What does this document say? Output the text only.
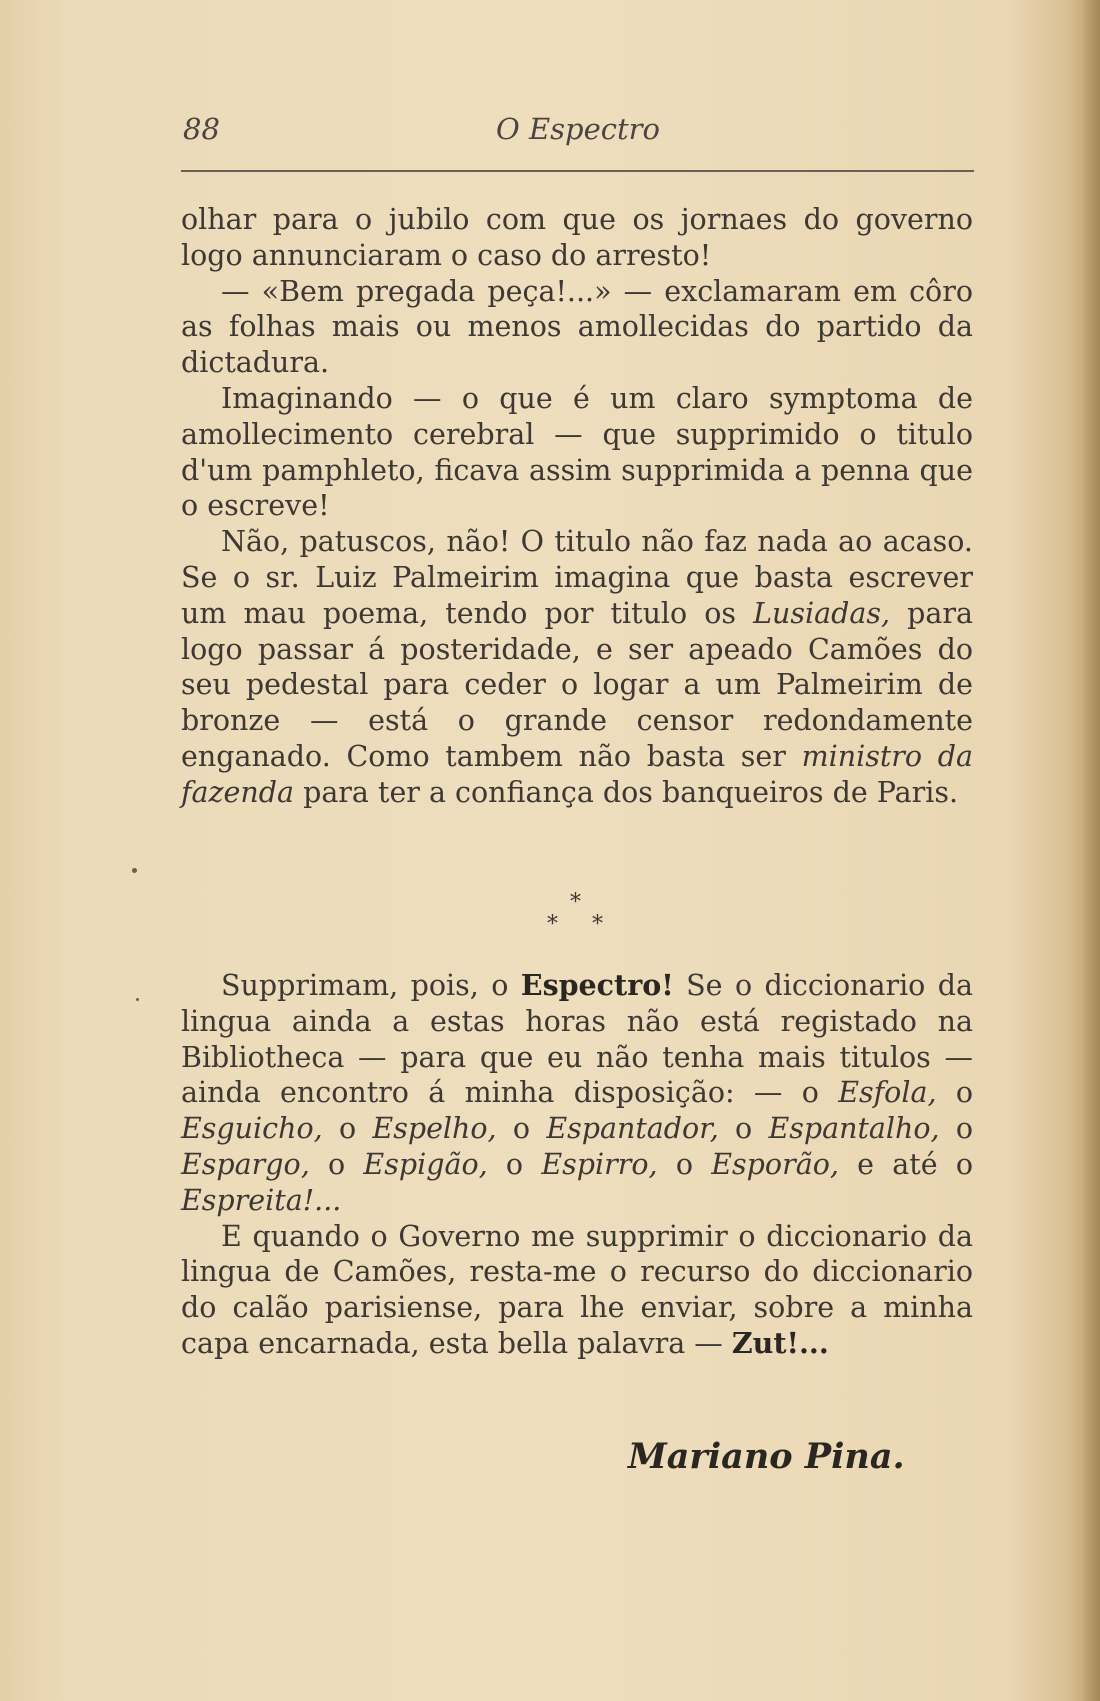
88	O Espectro

olhar para o jubilo com que os jornaes do governo logo annunciaram o caso do arresto!

— «Bem pregada peça!...» — exclamaram em côro as folhas mais ou menos amollecidas do partido da dictadura.

Imaginando — o que é um claro symptoma de amollecimento cerebral — que supprimido o titulo d'um pamphleto, ficava assim supprimida a penna que o escreve!

Não, patuscos, não! O titulo não faz nada ao acaso. Se o sr. Luiz Palmeirim imagina que basta escrever um mau poema, tendo por titulo os Lusiadas, para logo passar á posteridade, e ser apeado Camões do seu pedestal para ceder o logar a um Palmeirim de bronze — está o grande censor redondamente enganado. Como tambem não basta ser ministro da fazenda para ter a confiança dos banqueiros de Paris.

*
* *

Supprimam, pois, o Espectro! Se o diccionario da lingua ainda a estas horas não está registado na Bibliotheca — para que eu não tenha mais titulos — ainda encontro á minha disposição: — o Esfola, o Esguicho, o Espelho, o Espantador, o Espantalho, o Espargo, o Espigão, o Espirro, o Esporão, e até o Espreita!...

E quando o Governo me supprimir o diccionario da lingua de Camões, resta-me o recurso do diccionario do calão parisiense, para lhe enviar, sobre a minha capa encarnada, esta bella palavra — Zut!...

Mariano Pina.
